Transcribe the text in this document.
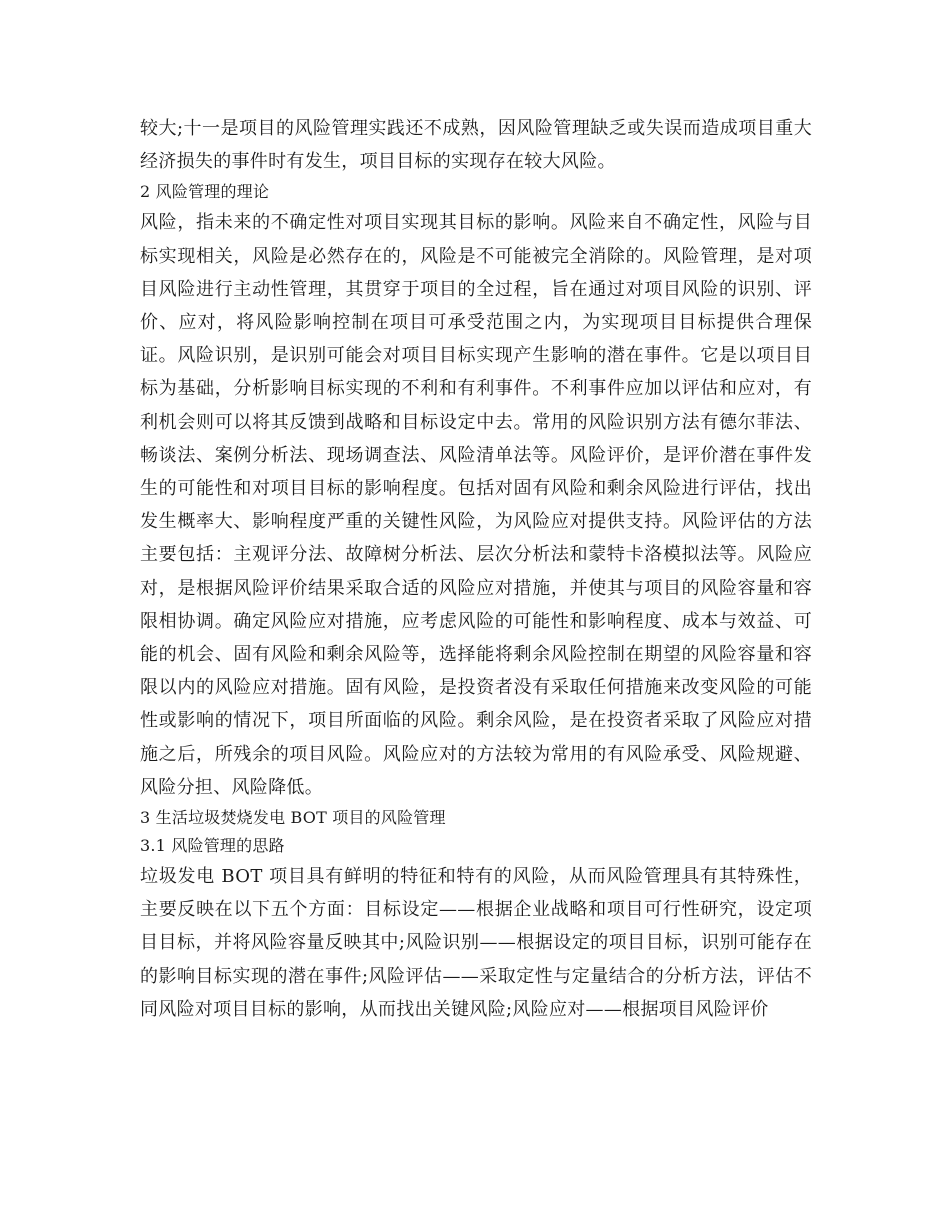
较大;十一是项目的风险管理实践还不成熟，因风险管理缺乏或失误而造成项目重大经济损失的事件时有发生，项目目标的实现存在较大风险。

2 风险管理的理论

风险，指未来的不确定性对项目实现其目标的影响。风险来自不确定性，风险与目标实现相关，风险是必然存在的，风险是不可能被完全消除的。风险管理，是对项目风险进行主动性管理，其贯穿于项目的全过程，旨在通过对项目风险的识别、评价、应对，将风险影响控制在项目可承受范围之内，为实现项目目标提供合理保证。风险识别，是识别可能会对项目目标实现产生影响的潜在事件。它是以项目目标为基础，分析影响目标实现的不利和有利事件。不利事件应加以评估和应对，有利机会则可以将其反馈到战略和目标设定中去。常用的风险识别方法有德尔菲法、畅谈法、案例分析法、现场调查法、风险清单法等。风险评价，是评价潜在事件发生的可能性和对项目目标的影响程度。包括对固有风险和剩余风险进行评估，找出发生概率大、影响程度严重的关键性风险，为风险应对提供支持。风险评估的方法主要包括：主观评分法、故障树分析法、层次分析法和蒙特卡洛模拟法等。风险应对，是根据风险评价结果采取合适的风险应对措施，并使其与项目的风险容量和容限相协调。确定风险应对措施，应考虑风险的可能性和影响程度、成本与效益、可能的机会、固有风险和剩余风险等，选择能将剩余风险控制在期望的风险容量和容限以内的风险应对措施。固有风险，是投资者没有采取任何措施来改变风险的可能性或影响的情况下，项目所面临的风险。剩余风险，是在投资者采取了风险应对措施之后，所残余的项目风险。风险应对的方法较为常用的有风险承受、风险规避、风险分担、风险降低。

3 生活垃圾焚烧发电 BOT 项目的风险管理

3.1 风险管理的思路

垃圾发电 BOT 项目具有鲜明的特征和特有的风险，从而风险管理具有其特殊性，主要反映在以下五个方面：目标设定——根据企业战略和项目可行性研究，设定项目目标，并将风险容量反映其中;风险识别——根据设定的项目目标，识别可能存在的影响目标实现的潜在事件;风险评估——采取定性与定量结合的分析方法，评估不同风险对项目目标的影响，从而找出关键风险;风险应对——根据项目风险评价
